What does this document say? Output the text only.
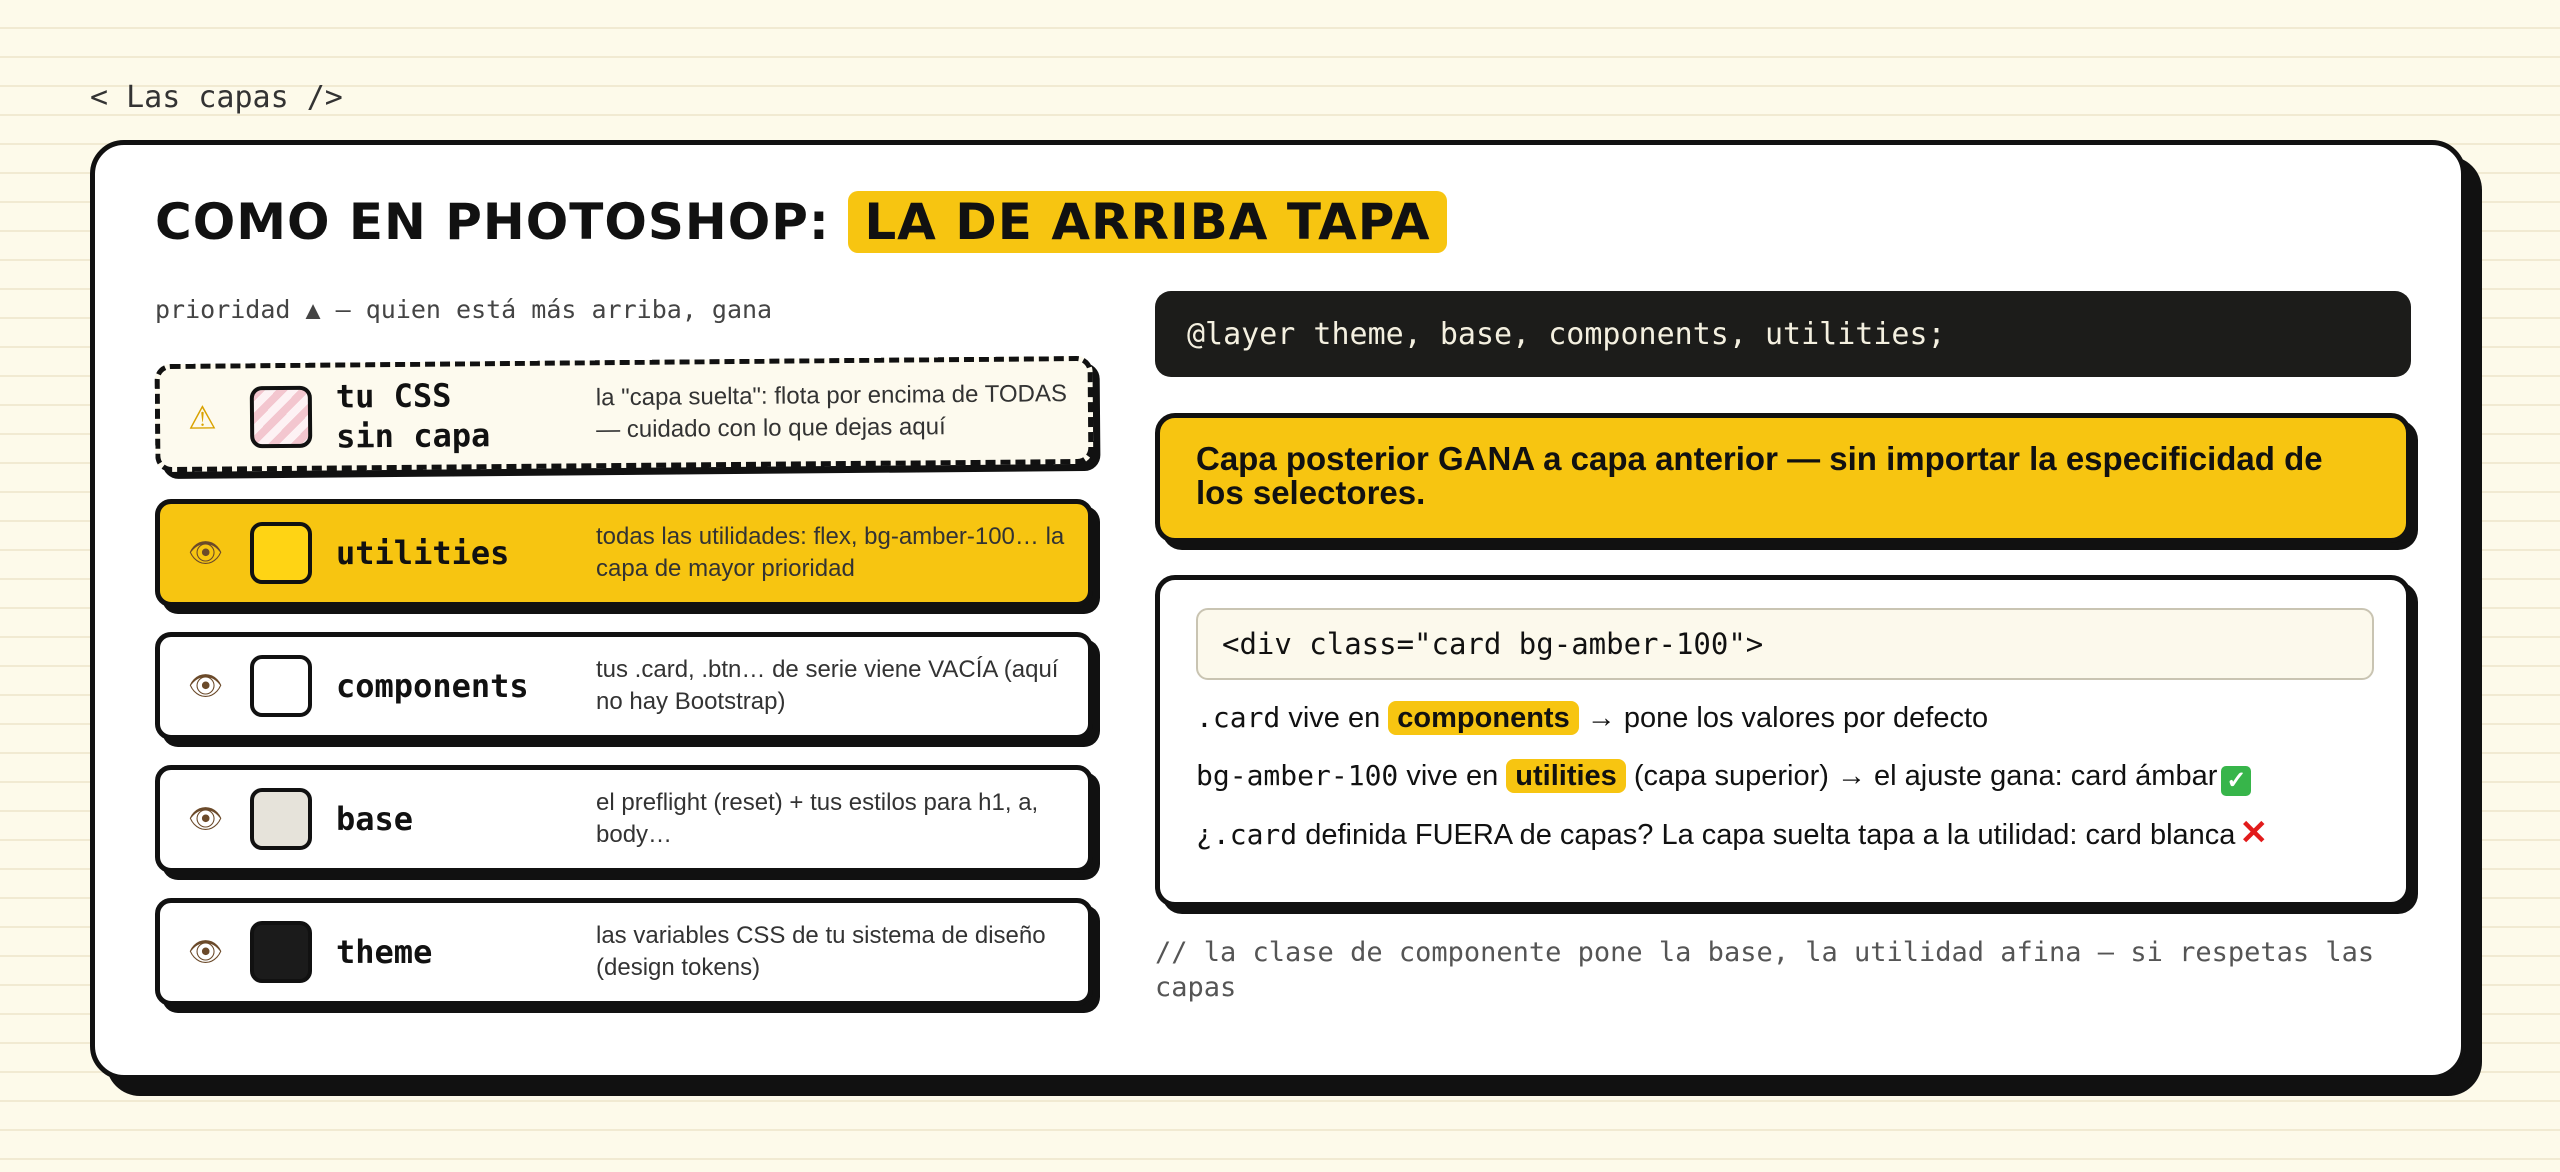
< Las capas />
COMO EN PHOTOSHOP: LA DE ARRIBA TAPA
prioridad ▲ — quien está más arriba, gana
⚠
tu CSS
sin capa
la "capa suelta": flota por encima de TODAS — cuidado con lo que dejas aquí
👁	utilities	todas las utilidades: flex, bg-amber-100… la capa de mayor prioridad
👁	components	tus .card, .btn… de serie viene VACÍA (aquí no hay Bootstrap)
👁	base	el preflight (reset) + tus estilos para h1, a, body…
👁	theme	las variables CSS de tu sistema de diseño (design tokens)
@layer theme, base, components, utilities;
Capa posterior GANA a capa anterior — sin importar la especificidad de los selectores.
<div class="card bg-amber-100">
.card vive en components → pone los valores por defecto
bg-amber-100 vive en utilities (capa superior) → el ajuste gana: card ámbar ✓
¿.card definida FUERA de capas? La capa suelta tapa a la utilidad: card blanca ✕
// la clase de componente pone la base, la utilidad afina — si respetas las capas
